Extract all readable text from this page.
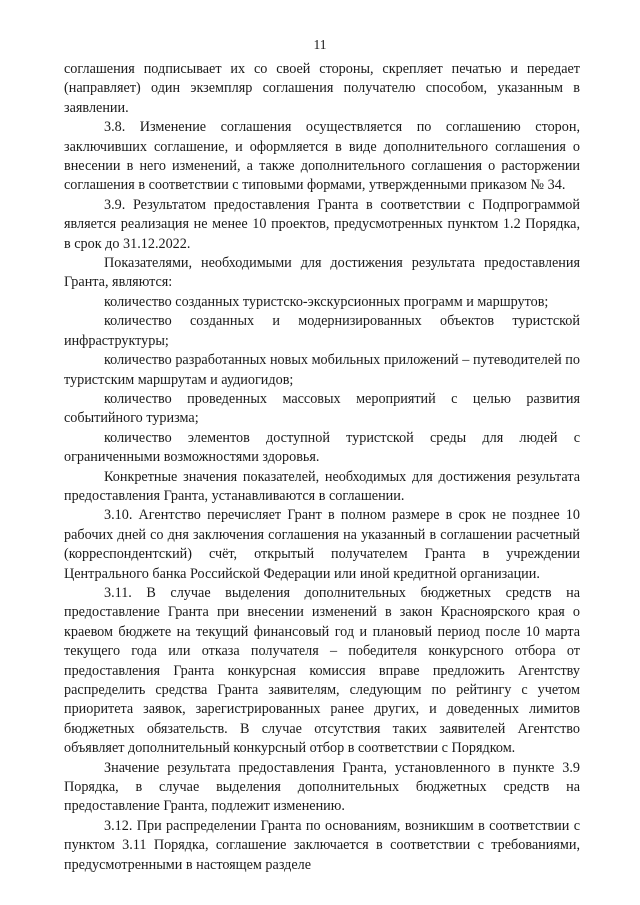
11

соглашения подписывает их со своей стороны, скрепляет печатью и передает (направляет) один экземпляр соглашения получателю способом, указанным в заявлении.

3.8. Изменение соглашения осуществляется по соглашению сторон, заключивших соглашение, и оформляется в виде дополнительного соглашения о внесении в него изменений, а также дополнительного соглашения о расторжении соглашения в соответствии с типовыми формами, утвержденными приказом № 34.

3.9. Результатом предоставления Гранта в соответствии с Подпрограммой является реализация не менее 10 проектов, предусмотренных пунктом 1.2 Порядка, в срок до 31.12.2022.

Показателями, необходимыми для достижения результата предоставления Гранта, являются:

количество созданных туристско-экскурсионных программ и маршрутов;

количество созданных и модернизированных объектов туристской инфраструктуры;

количество разработанных новых мобильных приложений – путеводителей по туристским маршрутам и аудиогидов;

количество проведенных массовых мероприятий с целью развития событийного туризма;

количество элементов доступной туристской среды для людей с ограниченными возможностями здоровья.

Конкретные значения показателей, необходимых для достижения результата предоставления Гранта, устанавливаются в соглашении.

3.10. Агентство перечисляет Грант в полном размере в срок не позднее 10 рабочих дней со дня заключения соглашения на указанный в соглашении расчетный (корреспондентский) счёт, открытый получателем Гранта в учреждении Центрального банка Российской Федерации или иной кредитной организации.

3.11. В случае выделения дополнительных бюджетных средств на предоставление Гранта при внесении изменений в закон Красноярского края о краевом бюджете на текущий финансовый год и плановый период после 10 марта текущего года или отказа получателя – победителя конкурсного отбора от предоставления Гранта конкурсная комиссия вправе предложить Агентству распределить средства Гранта заявителям, следующим по рейтингу с учетом приоритета заявок, зарегистрированных ранее других, и доведенных лимитов бюджетных обязательств. В случае отсутствия таких заявителей Агентство объявляет дополнительный конкурсный отбор в соответствии с Порядком.

Значение результата предоставления Гранта, установленного в пункте 3.9 Порядка, в случае выделения дополнительных бюджетных средств на предоставление Гранта, подлежит изменению.

3.12. При распределении Гранта по основаниям, возникшим в соответствии с пунктом 3.11 Порядка, соглашение заключается в соответствии с требованиями, предусмотренными в настоящем разделе
